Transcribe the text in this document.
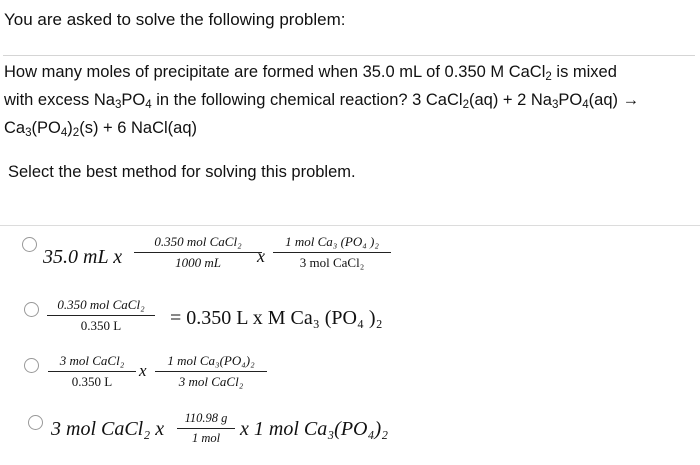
You are asked to solve the following problem:
How many moles of precipitate are formed when 35.0 mL of 0.350 M CaCl$_2$ is mixed
with excess $Na_3PO_4$ in the following chemical reaction? 3 CaCl$_2$(aq) + 2 $Na_3PO_4(aq)$ →
$Ca_3(PO_4)_2(s) + 6$ NaCl(aq)
Select the best method for solving this problem.
35.0 mL x
0.350 mol CaCl₂
1000 mL	x
1 mol Ca₃ (PO₄ )₂
3 mol CaCl₂
0.350 mol CaCl₂
0.350 L	= 0.350 L x M Ca₃ (PO₄ )₂
3 mol CaCl₂
0.350 L
x
1 mol Ca₃(PO₄)₂
3 mol CaCl₂
3 mol CaCl₂ x	110.98 g
1 mol x 1 mol Ca₃(PO₄)₂
